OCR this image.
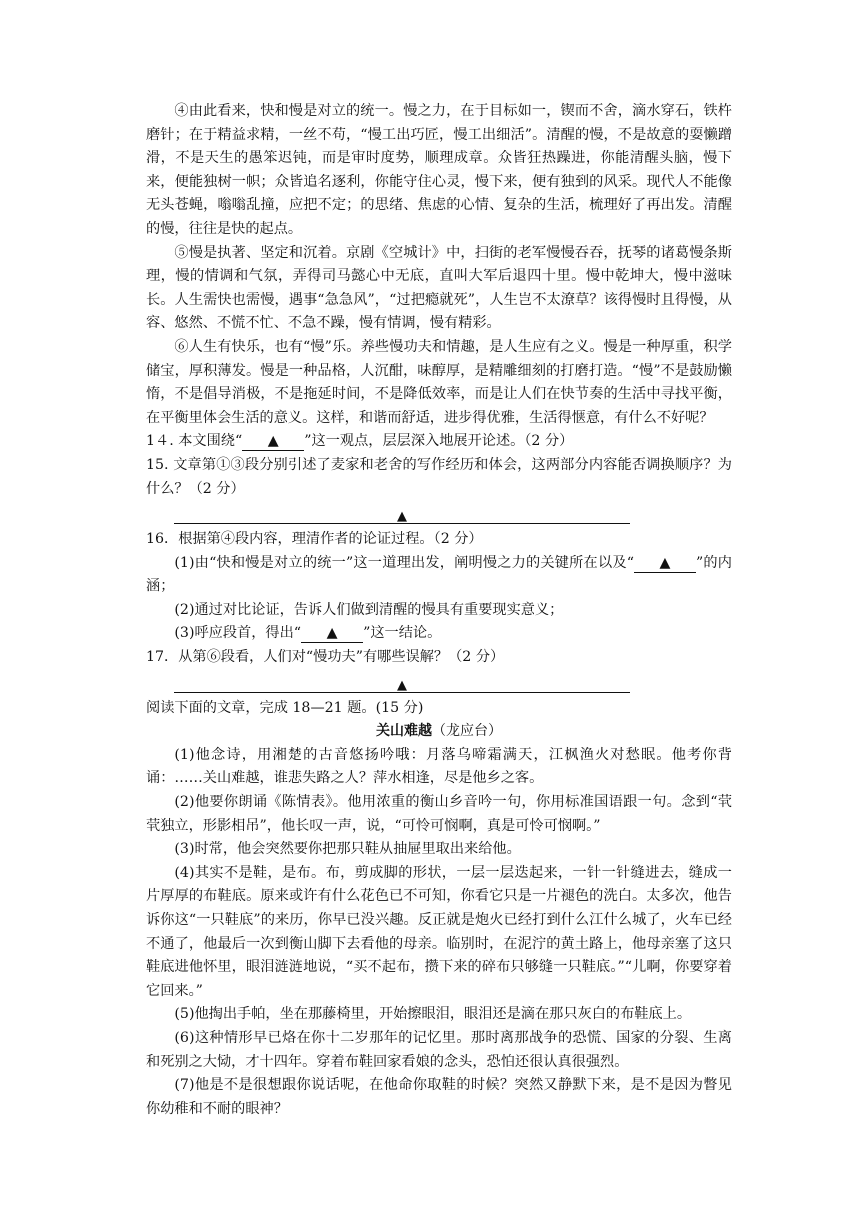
④由此看来，快和慢是对立的统一。慢之力，在于目标如一，锲而不舍，滴水穿石，铁杵磨针；在于精益求精，一丝不苟，“慢工出巧匠，慢工出细活”。清醒的慢，不是故意的耍懒蹭滑，不是天生的愚笨迟钝，而是审时度势，顺理成章。众皆狂热躁进，你能清醒头脑，慢下来，便能独树一帜；众皆追名逐利，你能守住心灵，慢下来，便有独到的风采。现代人不能像无头苍蝇，嗡嗡乱撞，应把不定；的思绪、焦虑的心情、复杂的生活，梳理好了再出发。清醒的慢，往往是快的起点。

⑤慢是执著、坚定和沉着。京剧《空城计》中，扫街的老军慢慢吞吞，抚琴的诸葛慢条斯理，慢的情调和气氛，弄得司马懿心中无底，直叫大军后退四十里。慢中乾坤大，慢中滋味长。人生需快也需慢，遇事“急急风”，“过把瘾就死”，人生岂不太潦草？该得慢时且得慢，从容、悠然、不慌不忙、不急不躁，慢有情调，慢有精彩。

⑥人生有快乐，也有“慢”乐。养些慢功夫和情趣，是人生应有之义。慢是一种厚重，积学储宝，厚积薄发。慢是一种品格，人沉酣，味醇厚，是精雕细刻的打磨打造。“慢”不是鼓励懒惰，不是倡导消极，不是拖延时间，不是降低效率，而是让人们在快节奏的生活中寻找平衡，在平衡里体会生活的意义。这样，和谐而舒适，进步得优雅，生活得惬意，有什么不好呢？

1４. 本文围绕“ ▲ ”这一观点，层层深入地展开论述。（2 分）

15. 文章第①③段分别引述了麦家和老舍的写作经历和体会，这两部分内容能否调换顺序？为什么？（2 分）

▲

16．根据第④段内容，理清作者的论证过程。（2 分）

(1)由“快和慢是对立的统一”这一道理出发，阐明慢之力的关键所在以及“ ▲ ”的内涵；

(2)通过对比论证，告诉人们做到清醒的慢具有重要现实意义；

(3)呼应段首，得出“ ▲ ”这一结论。

17．从第⑥段看，人们对“慢功夫”有哪些误解？（2 分）

▲

阅读下面的文章，完成 18—21 题。(15 分)

关山难越（龙应台）

(1)他念诗，用湘楚的古音悠扬吟哦：月落乌啼霜满天，江枫渔火对愁眠。他考你背诵：……关山难越，谁悲失路之人？萍水相逢，尽是他乡之客。

(2)他要你朗诵《陈情表》。他用浓重的衡山乡音吟一句，你用标准国语跟一句。念到“茕茕独立，形影相吊”，他长叹一声，说，“可怜可悯啊，真是可怜可悯啊。”

(3)时常，他会突然要你把那只鞋从抽屉里取出来给他。

(4)其实不是鞋，是布。布，剪成脚的形状，一层一层迭起来，一针一针缝进去，缝成一片厚厚的布鞋底。原来或许有什么花色已不可知，你看它只是一片褪色的洗白。太多次，他告诉你这“一只鞋底”的来历，你早已没兴趣。反正就是炮火已经打到什么江什么城了，火车已经不通了，他最后一次到衡山脚下去看他的母亲。临别时，在泥泞的黄土路上，他母亲塞了这只鞋底进他怀里，眼泪涟涟地说，“买不起布，攒下来的碎布只够缝一只鞋底。”“儿啊，你要穿着它回来。”

(5)他掏出手帕，坐在那藤椅里，开始擦眼泪，眼泪还是滴在那只灰白的布鞋底上。

(6)这种情形早已烙在你十二岁那年的记忆里。那时离那战争的恐慌、国家的分裂、生离和死别之大恸，才十四年。穿着布鞋回家看娘的念头，恐怕还很认真很强烈。

(7)他是不是很想跟你说话呢，在他命你取鞋的时候？突然又静默下来，是不是因为瞥见你幼稚和不耐的眼神？
